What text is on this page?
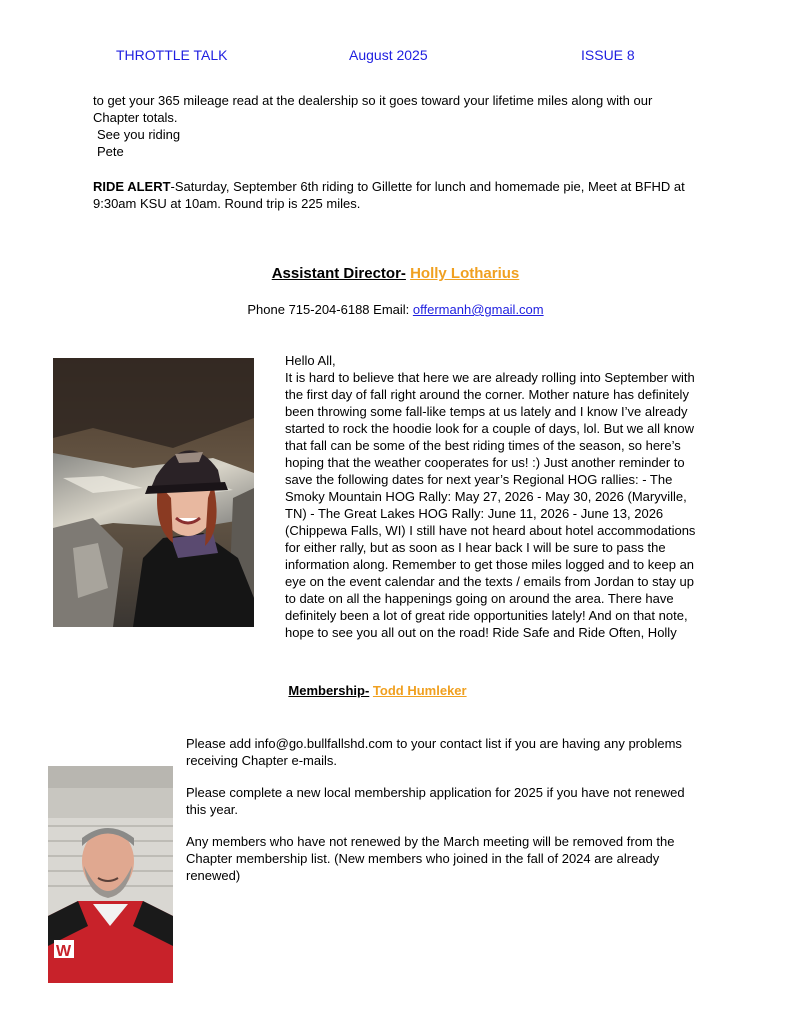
THROTTLE TALK	August 2025	ISSUE 8

to get your 365 mileage read at the dealership so it goes toward your lifetime miles along with our

Chapter totals.

See you riding

Pete

RIDE ALERT-Saturday, September 6th riding to Gillette for lunch and homemade pie, Meet at BFHD at

9:30am KSU at 10am. Round trip is 225 miles.

Assistant Director- Holly Lotharius
Phone 715-204-6188 Email: offermanh@gmail.com

Hello All,

It is hard to believe that here we are already rolling into September with

the first day of fall right around the corner. Mother nature has definitely

been throwing some fall-like temps at us lately and I know I’ve already

started to rock the hoodie look for a couple of days, lol. But we all know

that fall can be some of the best riding times of the season, so here’s

hoping that the weather cooperates for us! :) Just another reminder to

save the following dates for next year’s Regional HOG rallies: - The

Smoky Mountain HOG Rally: May 27, 2026 - May 30, 2026 (Maryville,

TN) - The Great Lakes HOG Rally: June 11, 2026 - June 13, 2026

(Chippewa Falls, WI) I still have not heard about hotel accommodations

for either rally, but as soon as I hear back I will be sure to pass the

information along. Remember to get those miles logged and to keep an

eye on the event calendar and the texts / emails from Jordan to stay up

to date on all the happenings going on around the area. There have

definitely been a lot of great ride opportunities lately! And on that note,

hope to see you all out on the road! Ride Safe and Ride Often, Holly

Membership- Todd Humleker
W

Please add info@go.bullfallshd.com to your contact list if you are having any problems

receiving Chapter e-mails.

Please complete a new local membership application for 2025 if you have not renewed

this year.

Any members who have not renewed by the March meeting will be removed from the

Chapter membership list. (New members who joined in the fall of 2024 are already

renewed)
